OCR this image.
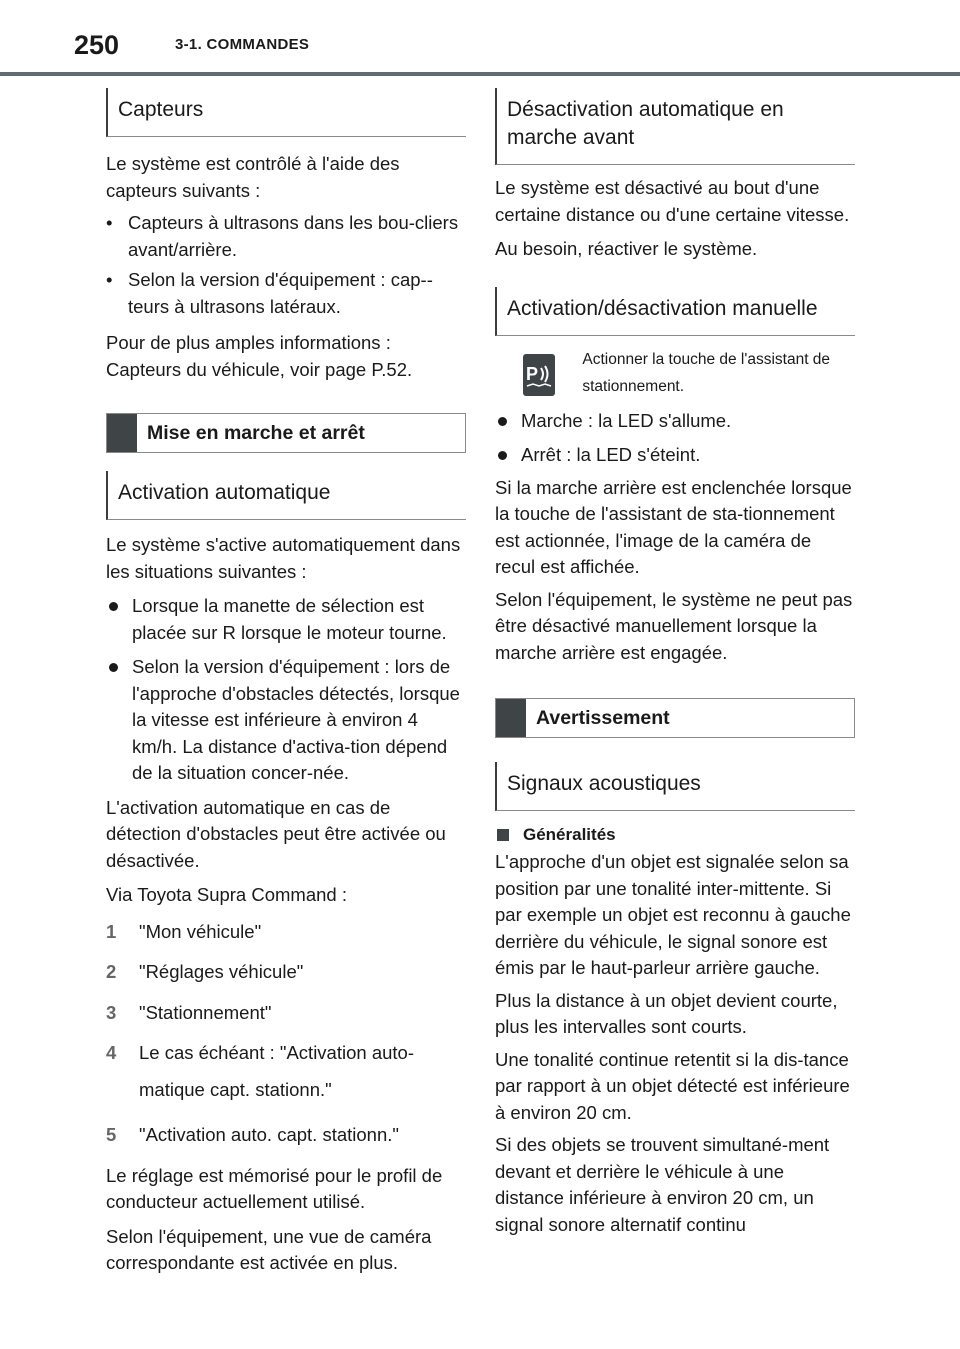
250	3-1. COMMANDES
Capteurs
Le système est contrôlé à l'aide des capteurs suivants :
• Capteurs à ultrasons dans les bou-cliers avant/arrière.
• Selon la version d'équipement : cap-teurs à ultrasons latéraux.
Pour de plus amples informations : Capteurs du véhicule, voir page P.52.
Mise en marche et arrêt
Activation automatique
Le système s'active automatiquement dans les situations suivantes :
Lorsque la manette de sélection est placée sur R lorsque le moteur tourne.
Selon la version d'équipement : lors de l'approche d'obstacles détectés, lorsque la vitesse est inférieure à environ 4 km/h. La distance d'activa-tion dépend de la situation concer-née.
L'activation automatique en cas de détection d'obstacles peut être activée ou désactivée.
Via Toyota Supra Command :
1	"Mon véhicule"
2	"Réglages véhicule"
3	"Stationnement"
4	Le cas échéant : "Activation auto-matique capt. stationn."
5	"Activation auto. capt. stationn."
Le réglage est mémorisé pour le profil de conducteur actuellement utilisé.
Selon l'équipement, une vue de caméra correspondante est activée en plus.
Désactivation automatique en marche avant
Le système est désactivé au bout d'une certaine distance ou d'une certaine vitesse.
Au besoin, réactiver le système.
Activation/désactivation manuelle
P
Actionner la touche de l'assistant de stationnement.
Marche : la LED s'allume.
Arrêt : la LED s'éteint.
Si la marche arrière est enclenchée lorsque la touche de l'assistant de sta-tionnement est actionnée, l'image de la caméra de recul est affichée.
Selon l'équipement, le système ne peut pas être désactivé manuellement lorsque la marche arrière est engagée.
Avertissement
Signaux acoustiques
Généralités
L'approche d'un objet est signalée selon sa position par une tonalité inter-mittente. Si par exemple un objet est reconnu à gauche derrière du véhicule, le signal sonore est émis par le haut-parleur arrière gauche.
Plus la distance à un objet devient courte, plus les intervalles sont courts.
Une tonalité continue retentit si la dis-tance par rapport à un objet détecté est inférieure à environ 20 cm.
Si des objets se trouvent simultané-ment devant et derrière le véhicule à une distance inférieure à environ 20 cm, un signal sonore alternatif continu
